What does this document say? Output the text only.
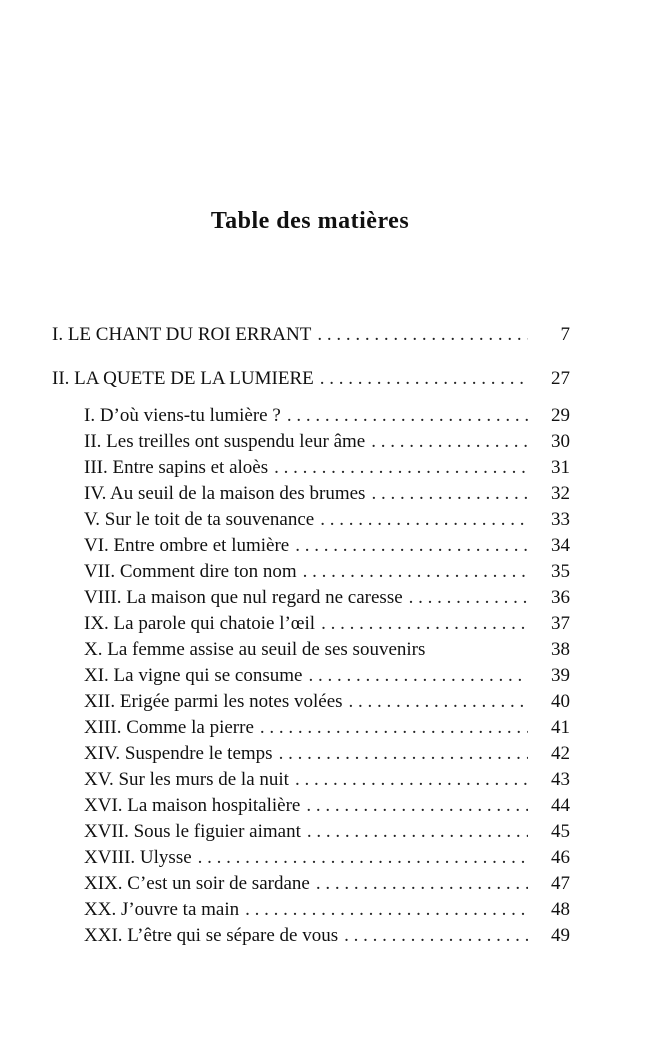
Table des matières
I. LE CHANT DU ROI ERRANT . . .	7
II. LA QUETE DE LA LUMIERE . . .	27
I. D’où viens-tu lumière ? . . .	29
II. Les treilles ont suspendu leur âme . . .	30
III. Entre sapins et aloès . . .	31
IV. Au seuil de la maison des brumes . . .	32
V. Sur le toit de ta souvenance . . .	33
VI. Entre ombre et lumière . . .	34
VII. Comment dire ton nom . . .	35
VIII. La maison que nul regard ne caresse . . .	36
IX. La parole qui chatoie l’œil . . .	37
X. La femme assise au seuil de ses souvenirs	38
XI. La vigne qui se consume . . .	39
XII. Erigée parmi les notes volées . . .	40
XIII. Comme la pierre . . .	41
XIV. Suspendre le temps . . .	42
XV. Sur les murs de la nuit . . .	43
XVI. La maison hospitalière . . .	44
XVII. Sous le figuier aimant . . .	45
XVIII. Ulysse . . .	46
XIX. C’est un soir de sardane . . .	47
XX. J’ouvre ta main . . .	48
XXI. L’être qui se sépare de vous . . .	49
